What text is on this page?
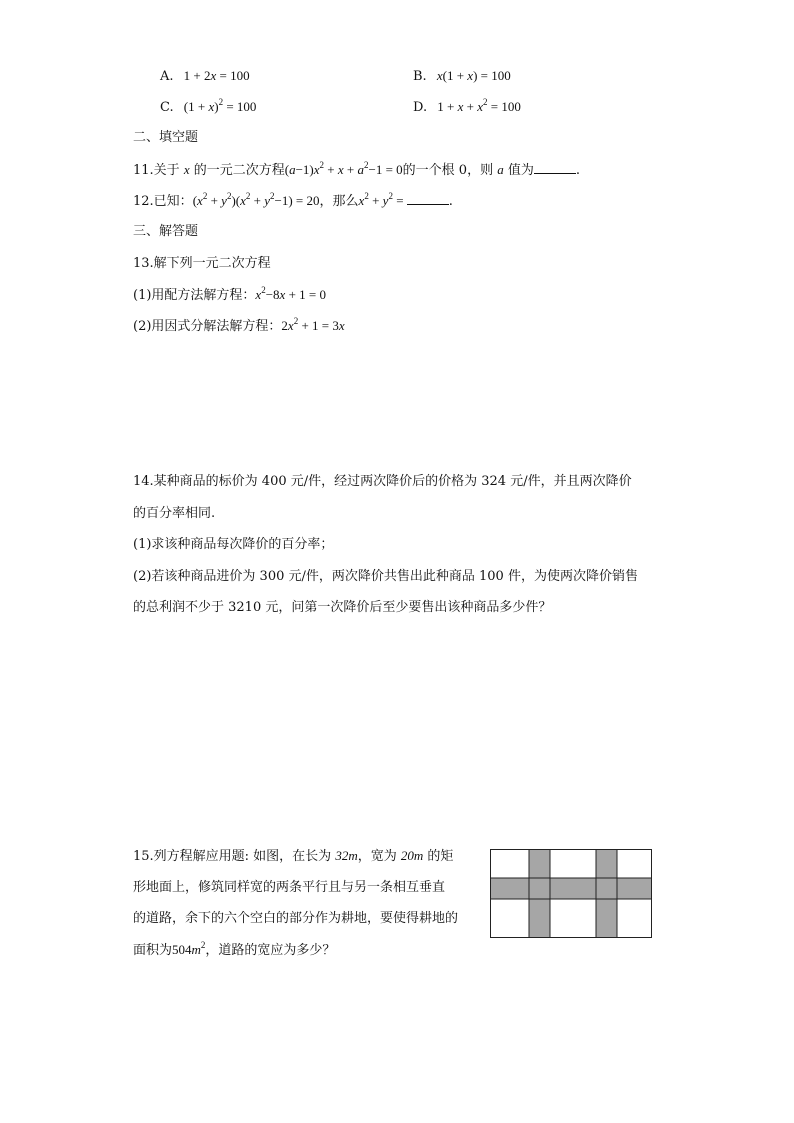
A. 1 + 2x = 100	B. x(1 + x) = 100
C. $(1 + x)^2 = 100$	D. $1 + x + x^2 = 100$
二、填空题
11.关于 x 的一元二次方程$(a-1)x^2 + x + a^2-1 = 0$的一个根 0，则 a 值为	.
12.已知：$(x^2 + y^2)(x^2 + y^2-1) = 20$，那么$x^2 + y^2$ =	.
三、解答题
13.解下列一元二次方程
(1)用配方法解方程：$x^2-8x + 1 = 0$
(2)用因式分解法解方程：$2x^2 + 1 = 3x$
14.某种商品的标价为 400 元/件，经过两次降价后的价格为 324 元/件，并且两次降价
的百分率相同.
(1)求该种商品每次降价的百分率；
(2)若该种商品进价为 300 元/件，两次降价共售出此种商品 100 件，为使两次降价销售
的总利润不少于 3210 元，问第一次降价后至少要售出该种商品多少件？
15.列方程解应用题: 如图，在长为 32m，宽为 20m 的矩
形地面上，修筑同样宽的两条平行且与另一条相互垂直
的道路，余下的六个空白的部分作为耕地，要使得耕地的
面积为$504m^2$，道路的宽应为多少？
